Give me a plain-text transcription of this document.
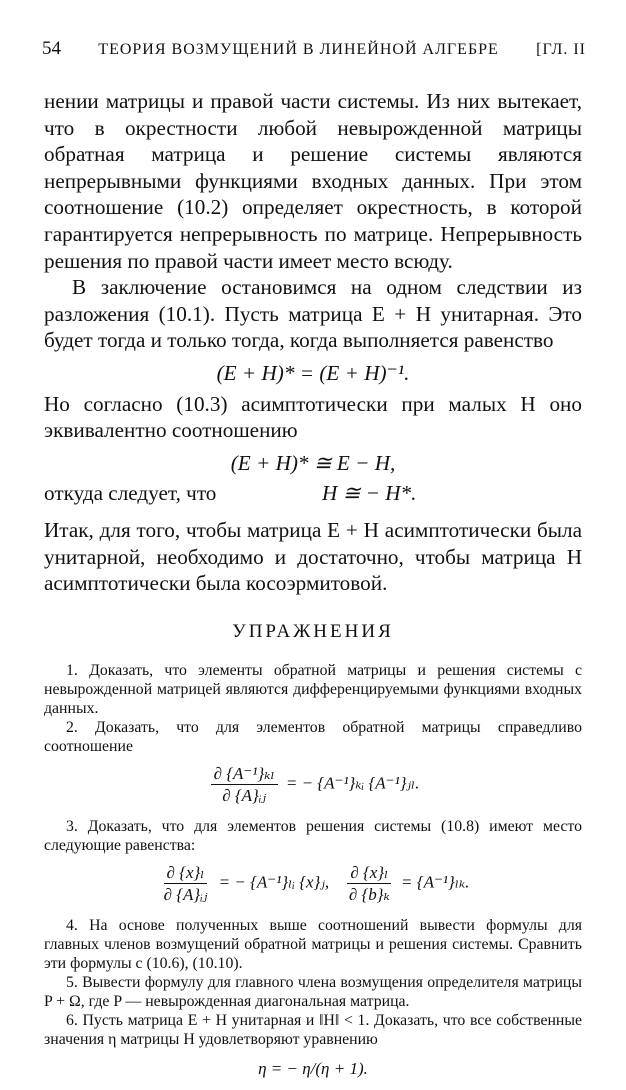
54 ТЕОРИЯ ВОЗМУЩЕНИЙ В ЛИНЕЙНОЙ АЛГЕБРЕ [ГЛ. II

нении матрицы и правой части системы. Из них вытекает, что в окрестности любой невырожденной матрицы обратная матрица и решение системы являются непрерывными функциями входных данных. При этом соотношение (10.2) определяет окрестность, в которой гарантируется непрерывность по матрице. Непрерывность решения по правой части имеет место всюду.

В заключение остановимся на одном следствии из разложения (10.1). Пусть матрица E + H унитарная. Это будет тогда и только тогда, когда выполняется равенство

(E + H)* = (E + H)⁻¹.

Но согласно (10.3) асимптотически при малых H оно эквивалентно соотношению

(E + H)* ≅ E − H,
откуда следует, что	H ≅ − H*.

Итак, для того, чтобы матрица E + H асимптотически была унитарной, необходимо и достаточно, чтобы матрица H асимптотически была косоэрмитовой.

УПРАЖНЕНИЯ

1. Доказать, что элементы обратной матрицы и решения системы с невырожденной матрицей являются дифференцируемыми функциями входных данных.

2. Доказать, что для элементов обратной матрицы справедливо соотношение

$\frac{\text{∂ \{A⁻¹\}ₖₗ}}{\text{∂ \{A\}ᵢⱼ}}$ = − {A⁻¹}ₖᵢ {A⁻¹}ⱼₗ.

3. Доказать, что для элементов решения системы (10.8) имеют место следующие равенства:

$\frac{\text{∂ \{x\}ₗ}}{\text{∂ \{A\}ᵢⱼ}}$ = − {A⁻¹}ₗᵢ {x}ⱼ, $\frac{\text{∂ \{x\}ₗ}}{\text{∂ \{b\}ₖ}} = \{A^{-1}\}_{lk}$.

4. На основе полученных выше соотношений вывести формулы для главных членов возмущений обратной матрицы и решения системы. Сравнить эти формулы с (10.6), (10.10).

5. Вывести формулу для главного члена возмущения определителя матрицы P + Ω, где P — невырожденная диагональная матрица.

6. Пусть матрица E + H унитарная и ‖H‖ < 1. Доказать, что все собственные значения η матрицы H удовлетворяют уравнению

η = − η/(η + 1).
